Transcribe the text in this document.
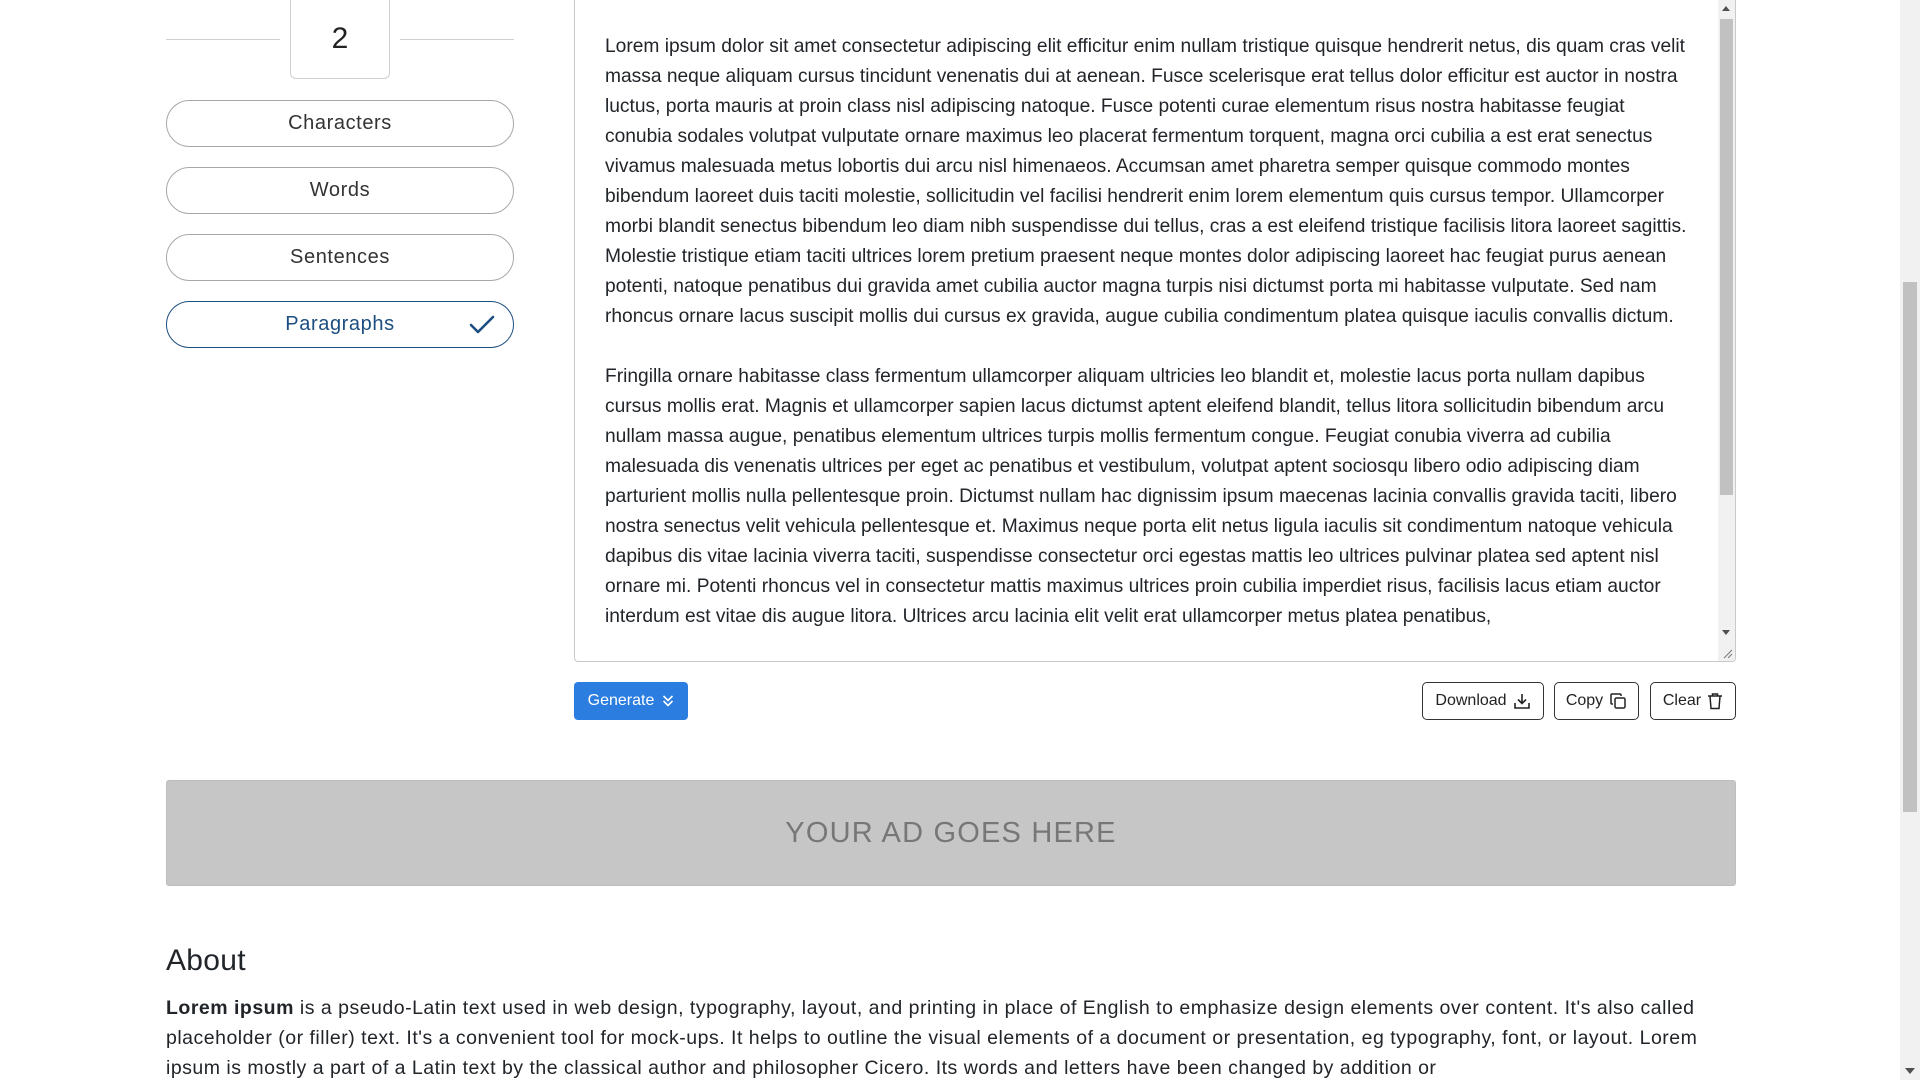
2
Characters
Words
Sentences
Paragraphs

Lorem ipsum dolor sit amet consectetur adipiscing elit efficitur enim nullam tristique quisque hendrerit netus, dis quam cras velit massa neque aliquam cursus tincidunt venenatis dui at aenean. Fusce scelerisque erat tellus dolor efficitur est auctor in nostra luctus, porta mauris at proin class nisl adipiscing natoque. Fusce potenti curae elementum risus nostra habitasse feugiat conubia sodales volutpat vulputate ornare maximus leo placerat fermentum torquent, magna orci cubilia a est erat senectus vivamus malesuada metus lobortis dui arcu nisl himenaeos. Accumsan amet pharetra semper quisque commodo montes bibendum laoreet duis taciti molestie, sollicitudin vel facilisi hendrerit enim lorem elementum quis cursus tempor. Ullamcorper morbi blandit senectus bibendum leo diam nibh suspendisse dui tellus, cras a est eleifend tristique facilisis litora laoreet sagittis. Molestie tristique etiam taciti ultrices lorem pretium praesent neque montes dolor adipiscing laoreet hac feugiat purus aenean potenti, natoque penatibus dui gravida amet cubilia auctor magna turpis nisi dictumst porta mi habitasse vulputate. Sed nam rhoncus ornare lacus suscipit mollis dui cursus ex gravida, augue cubilia condimentum platea quisque iaculis convallis dictum.

Fringilla ornare habitasse class fermentum ullamcorper aliquam ultricies leo blandit et, molestie lacus porta nullam dapibus cursus mollis erat. Magnis et ullamcorper sapien lacus dictumst aptent eleifend blandit, tellus litora sollicitudin bibendum arcu nullam massa augue, penatibus elementum ultrices turpis mollis fermentum congue. Feugiat conubia viverra ad cubilia malesuada dis venenatis ultrices per eget ac penatibus et vestibulum, volutpat aptent sociosqu libero odio adipiscing diam parturient mollis nulla pellentesque proin. Dictumst nullam hac dignissim ipsum maecenas lacinia convallis gravida taciti, libero nostra senectus velit vehicula pellentesque et. Maximus neque porta elit netus ligula iaculis sit condimentum natoque vehicula dapibus dis vitae lacinia viverra taciti, suspendisse consectetur orci egestas mattis leo ultrices pulvinar platea sed aptent nisl ornare mi. Potenti rhoncus vel in consectetur mattis maximus ultrices proin cubilia imperdiet risus, facilisis lacus etiam auctor interdum est vitae dis augue litora. Ultrices arcu lacinia elit velit erat ullamcorper metus platea penatibus,

Generate	Download	Copy	Clear
YOUR AD GOES HERE
About

Lorem ipsum is a pseudo-Latin text used in web design, typography, layout, and printing in place of English to emphasize design elements over content. It's also called placeholder (or filler) text. It's a convenient tool for mock-ups. It helps to outline the visual elements of a document or presentation, eg typography, font, or layout. Lorem ipsum is mostly a part of a Latin text by the classical author and philosopher Cicero. Its words and letters have been changed by addition or
